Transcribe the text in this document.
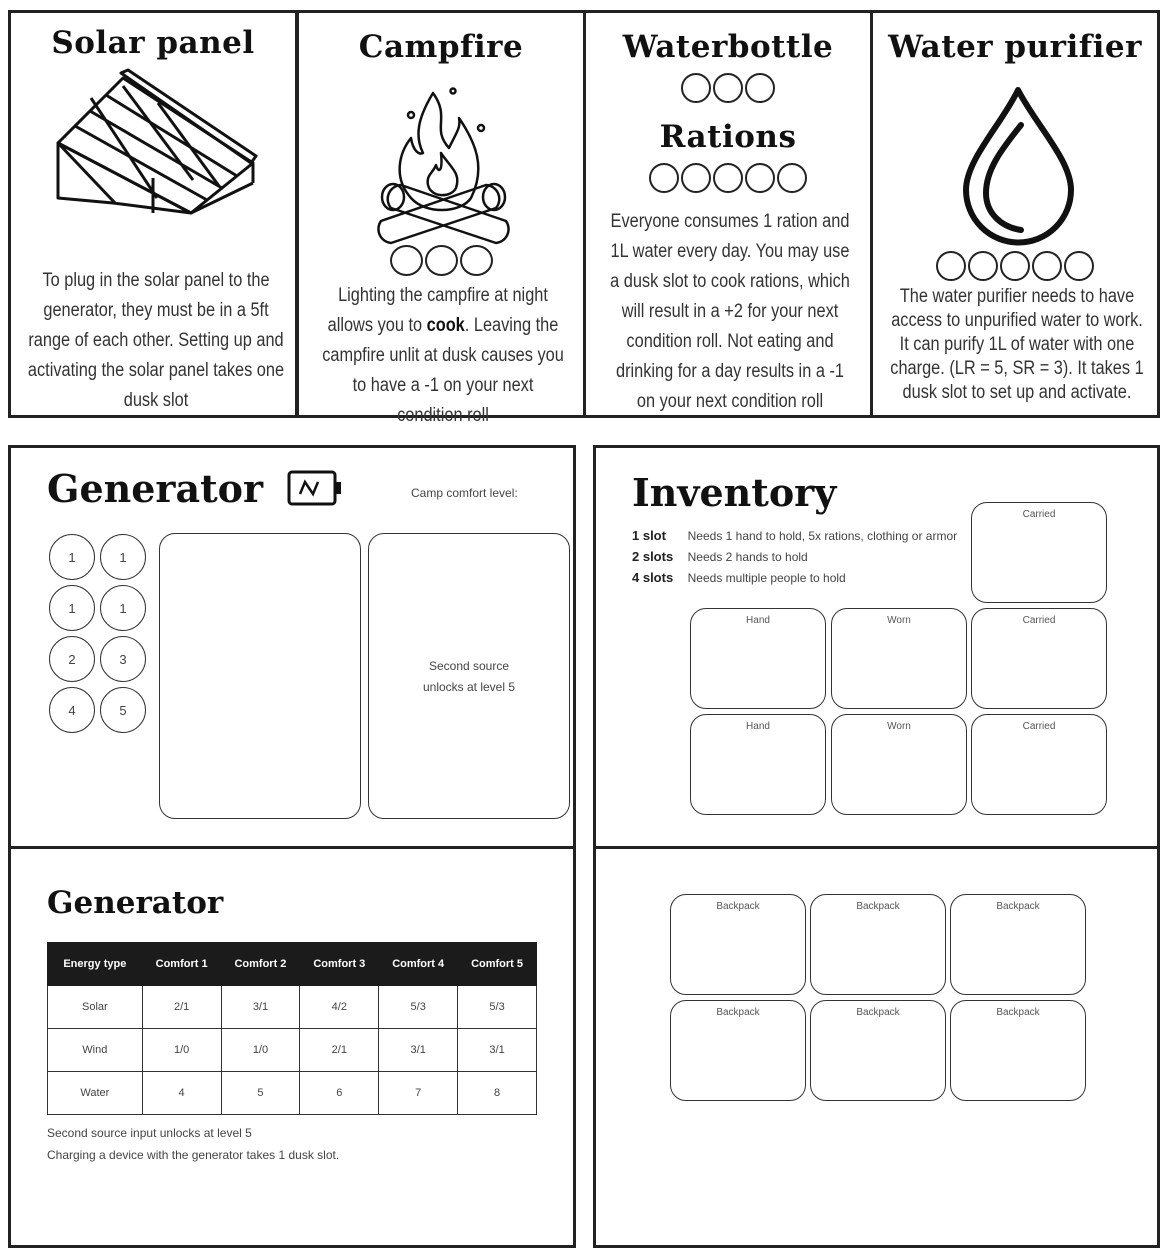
Solar panel
To plug in the solar panel to the generator, they must be in a 5ft range of each other. Setting up and activating the solar panel takes one dusk slot
Campfire
Lighting the campfire at night allows you to cook. Leaving the campfire unlit at dusk causes you to have a -1 on your next condition roll
Waterbottle
Rations
Everyone consumes 1 ration and 1L water every day. You may use a dusk slot to cook rations, which will result in a +2 for your next condition roll. Not eating and drinking for a day results in a -1 on your next condition roll
Water purifier
The water purifier needs to have access to unpurified water to work. It can purify 1L of water with one charge. (LR = 5, SR = 3). It takes 1 dusk slot to set up and activate.
Generator	Camp comfort level:
1	1
1	1
2	3
4	5
Second source unlocks at level 5
Generator
Energy type	Comfort 1	Comfort 2	Comfort 3	Comfort 4	Comfort 5
Solar	2/1	3/1	4/2	5/3	5/3
Wind	1/0	1/0	2/1	3/1	3/1
Water	4	5	6	7	8
Second source input unlocks at level 5
Charging a device with the generator takes 1 dusk slot.
Inventory
1 slot Needs 1 hand to hold, 5x rations, clothing or armor
2 slots Needs 2 hands to hold
4 slots Needs multiple people to hold
Carried
Hand	Worn	Carried
Hand	Worn	Carried
Backpack	Backpack	Backpack
Backpack	Backpack	Backpack
